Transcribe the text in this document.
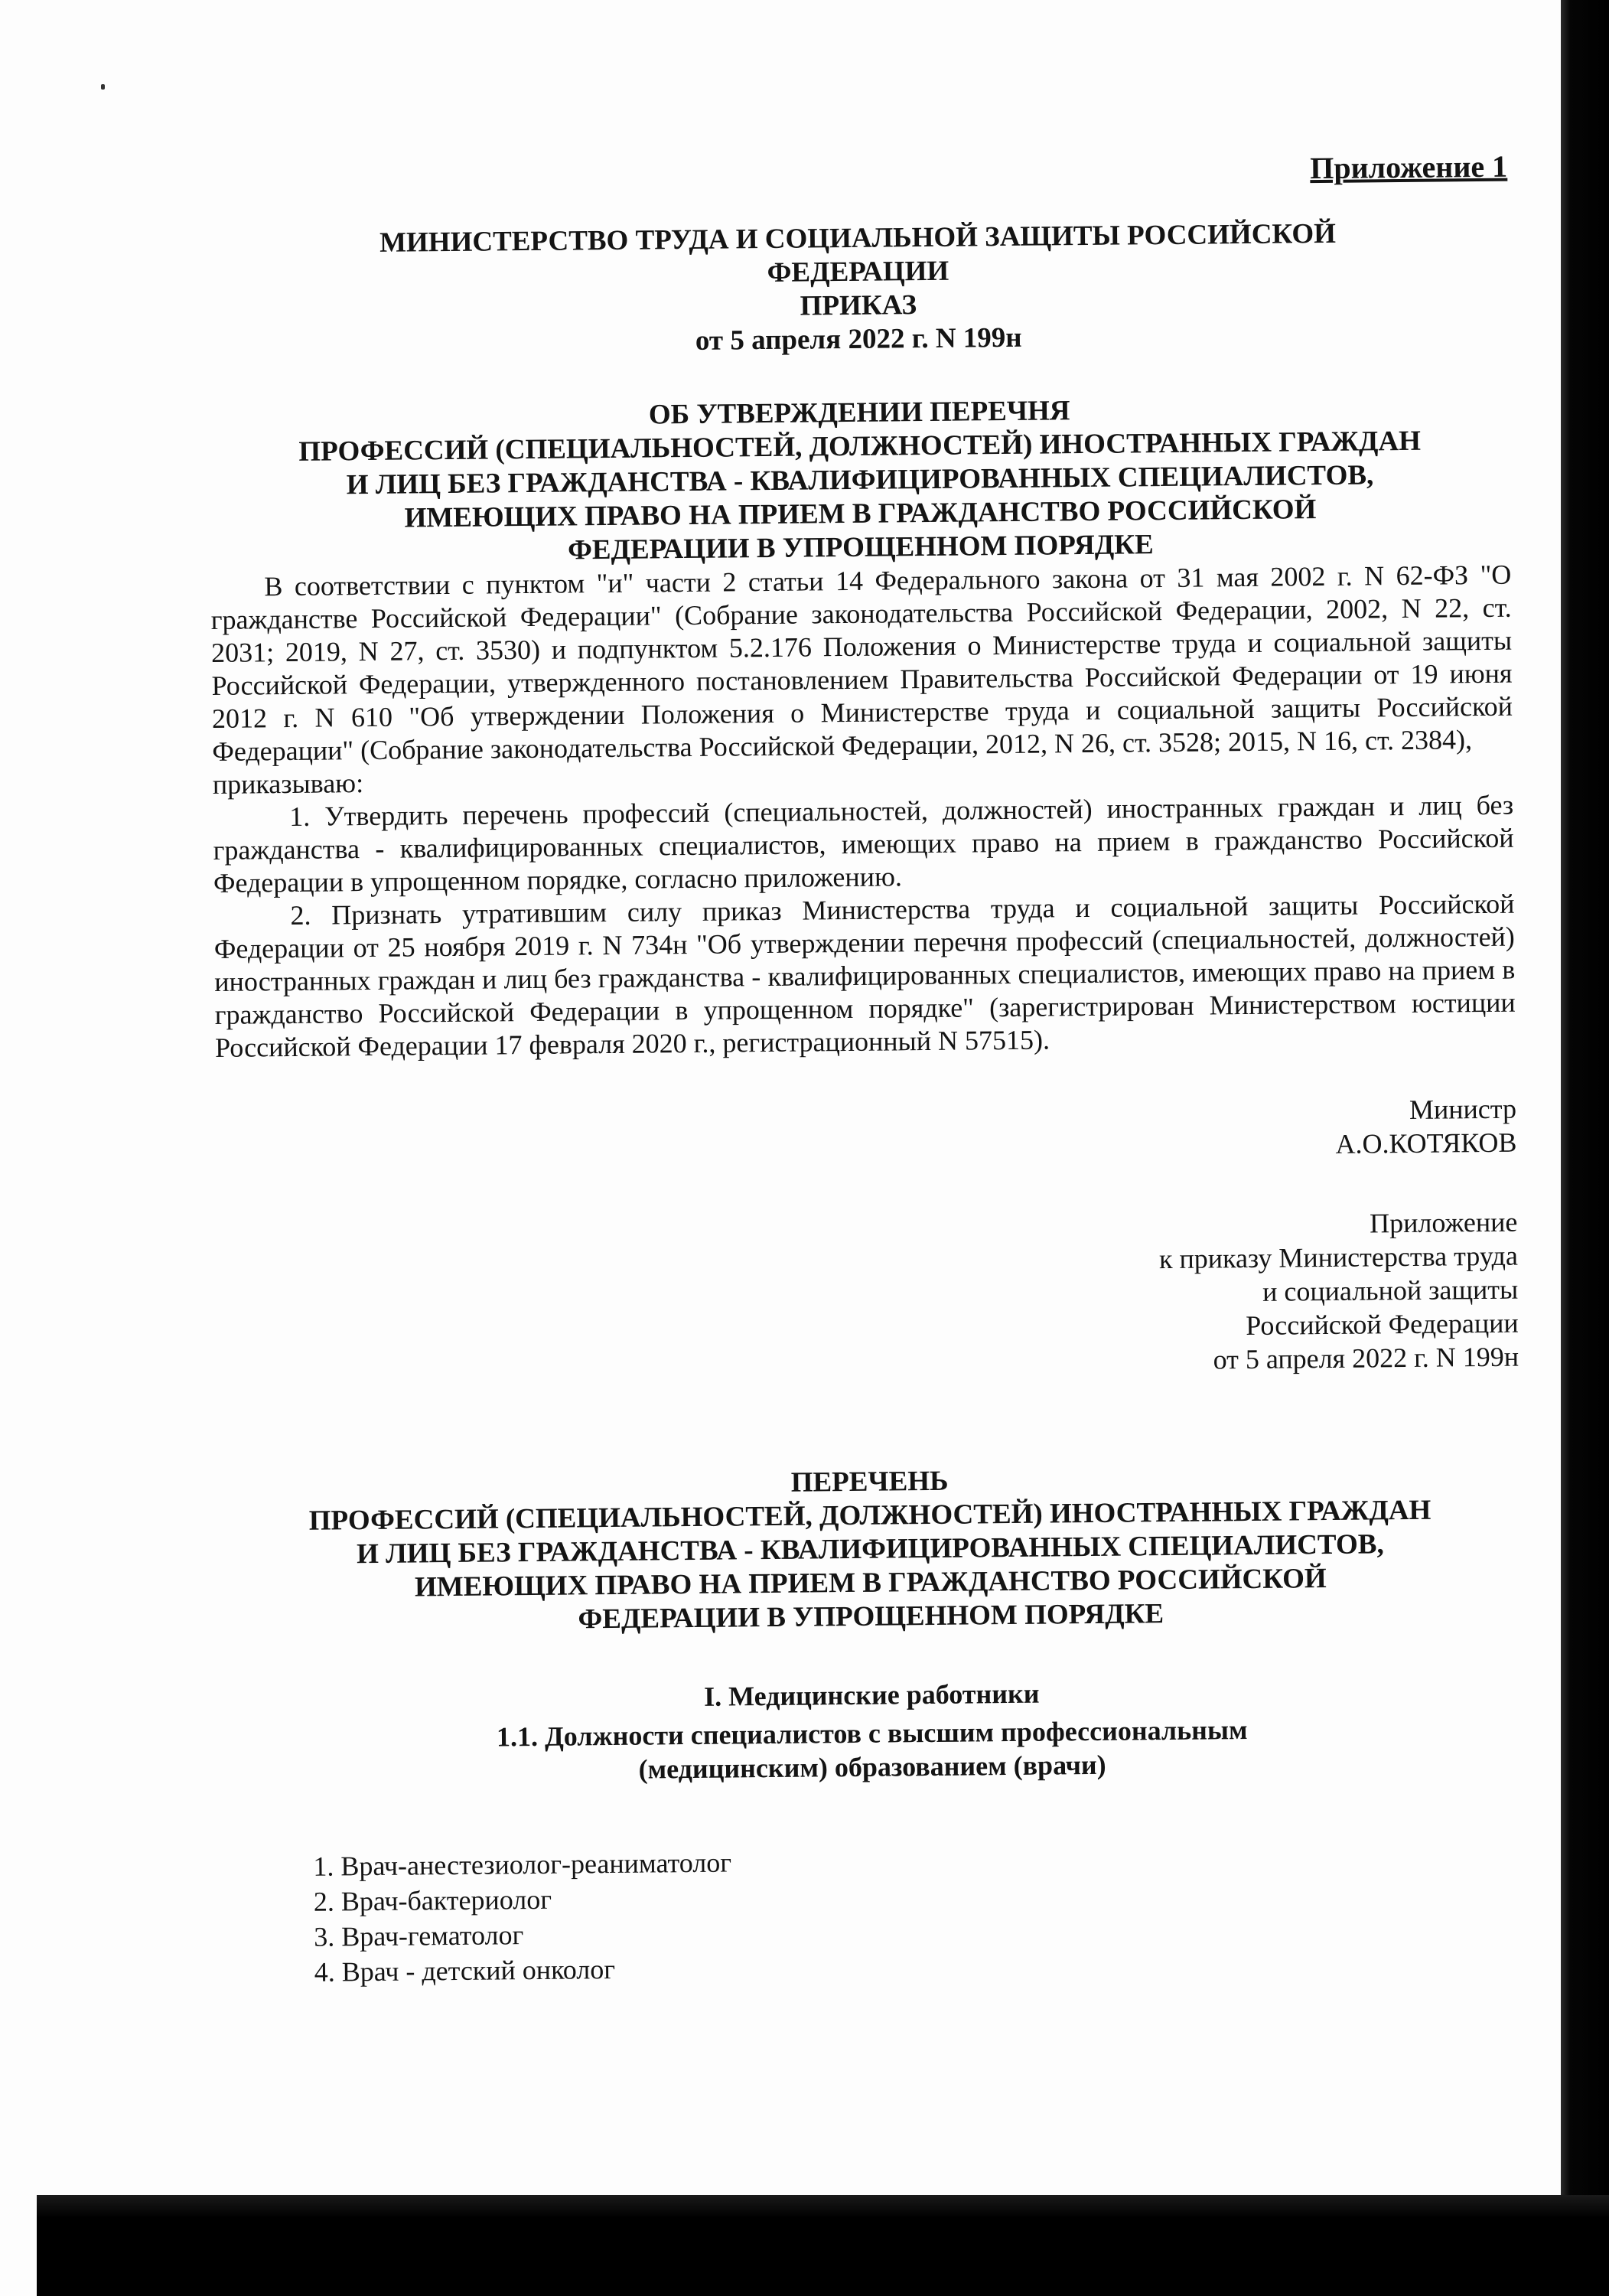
Приложение 1
МИНИСТЕРСТВО ТРУДА И СОЦИАЛЬНОЙ ЗАЩИТЫ РОССИЙСКОЙ
ФЕДЕРАЦИИ
ПРИКАЗ
от 5 апреля 2022 г. N 199н
ОБ УТВЕРЖДЕНИИ ПЕРЕЧНЯ
ПРОФЕССИЙ (СПЕЦИАЛЬНОСТЕЙ, ДОЛЖНОСТЕЙ) ИНОСТРАННЫХ ГРАЖДАН
И ЛИЦ БЕЗ ГРАЖДАНСТВА - КВАЛИФИЦИРОВАННЫХ СПЕЦИАЛИСТОВ,
ИМЕЮЩИХ ПРАВО НА ПРИЕМ В ГРАЖДАНСТВО РОССИЙСКОЙ
ФЕДЕРАЦИИ В УПРОЩЕННОМ ПОРЯДКЕ

В соответствии с пунктом "и" части 2 статьи 14 Федерального закона от 31 мая 2002 г. N 62-ФЗ "О гражданстве Российской Федерации" (Собрание законодательства Российской Федерации, 2002, N 22, ст. 2031; 2019, N 27, ст. 3530) и подпунктом 5.2.176 Положения о Министерстве труда и социальной защиты Российской Федерации, утвержденного постановлением Правительства Российской Федерации от 19 июня 2012 г. N 610 "Об утверждении Положения о Министерстве труда и социальной защиты Российской Федерации" (Собрание законодательства Российской Федерации, 2012, N 26, ст. 3528; 2015, N 16, ст. 2384),

приказываю:

1. Утвердить перечень профессий (специальностей, должностей) иностранных граждан и лиц без гражданства - квалифицированных специалистов, имеющих право на прием в гражданство Российской Федерации в упрощенном порядке, согласно приложению.

2. Признать утратившим силу приказ Министерства труда и социальной защиты Российской Федерации от 25 ноября 2019 г. N 734н "Об утверждении перечня профессий (специальностей, должностей) иностранных граждан и лиц без гражданства - квалифицированных специалистов, имеющих право на прием в гражданство Российской Федерации в упрощенном порядке" (зарегистрирован Министерством юстиции Российской Федерации 17 февраля 2020 г., регистрационный N 57515).

Министр
А.О.КОТЯКОВ
Приложение
к приказу Министерства труда
и социальной защиты
Российской Федерации
от 5 апреля 2022 г. N 199н
ПЕРЕЧЕНЬ
ПРОФЕССИЙ (СПЕЦИАЛЬНОСТЕЙ, ДОЛЖНОСТЕЙ) ИНОСТРАННЫХ ГРАЖДАН
И ЛИЦ БЕЗ ГРАЖДАНСТВА - КВАЛИФИЦИРОВАННЫХ СПЕЦИАЛИСТОВ,
ИМЕЮЩИХ ПРАВО НА ПРИЕМ В ГРАЖДАНСТВО РОССИЙСКОЙ
ФЕДЕРАЦИИ В УПРОЩЕННОМ ПОРЯДКЕ
I. Медицинские работники
1.1. Должности специалистов с высшим профессиональным
(медицинским) образованием (врачи)
1. Врач-анестезиолог-реаниматолог
2. Врач-бактериолог
3. Врач-гематолог
4. Врач - детский онколог
